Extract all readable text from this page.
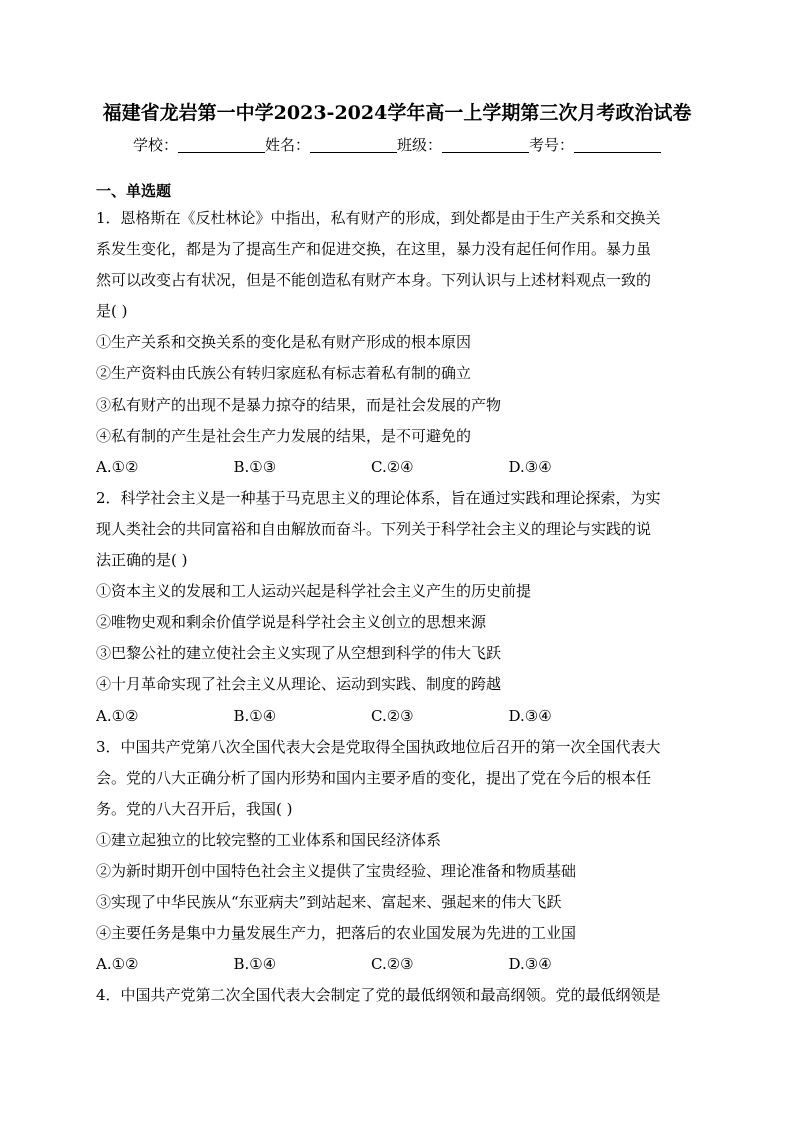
福建省龙岩第一中学2023-2024学年高一上学期第三次月考政治试卷
学校：	姓名：	班级：	考号：
一、单选题
1．恩格斯在《反杜林论》中指出，私有财产的形成，到处都是由于生产关系和交换关
系发生变化，都是为了提高生产和促进交换，在这里，暴力没有起任何作用。暴力虽
然可以改变占有状况，但是不能创造私有财产本身。下列认识与上述材料观点一致的
是( )
①生产关系和交换关系的变化是私有财产形成的根本原因
②生产资料由氏族公有转归家庭私有标志着私有制的确立
③私有财产的出现不是暴力掠夺的结果，而是社会发展的产物
④私有制的产生是社会生产力发展的结果，是不可避免的
A.①②	B.①③	C.②④	D.③④
2．科学社会主义是一种基于马克思主义的理论体系，旨在通过实践和理论探索，为实
现人类社会的共同富裕和自由解放而奋斗。下列关于科学社会主义的理论与实践的说
法正确的是( )
①资本主义的发展和工人运动兴起是科学社会主义产生的历史前提
②唯物史观和剩余价值学说是科学社会主义创立的思想来源
③巴黎公社的建立使社会主义实现了从空想到科学的伟大飞跃
④十月革命实现了社会主义从理论、运动到实践、制度的跨越
A.①②	B.①④	C.②③	D.③④
3．中国共产党第八次全国代表大会是党取得全国执政地位后召开的第一次全国代表大
会。党的八大正确分析了国内形势和国内主要矛盾的变化，提出了党在今后的根本任
务。党的八大召开后，我国( )
①建立起独立的比较完整的工业体系和国民经济体系
②为新时期开创中国特色社会主义提供了宝贵经验、理论准备和物质基础
③实现了中华民族从“东亚病夫”到站起来、富起来、强起来的伟大飞跃
④主要任务是集中力量发展生产力，把落后的农业国发展为先进的工业国
A.①②	B.①④	C.②③	D.③④
4．中国共产党第二次全国代表大会制定了党的最低纲领和最高纲领。党的最低纲领是
